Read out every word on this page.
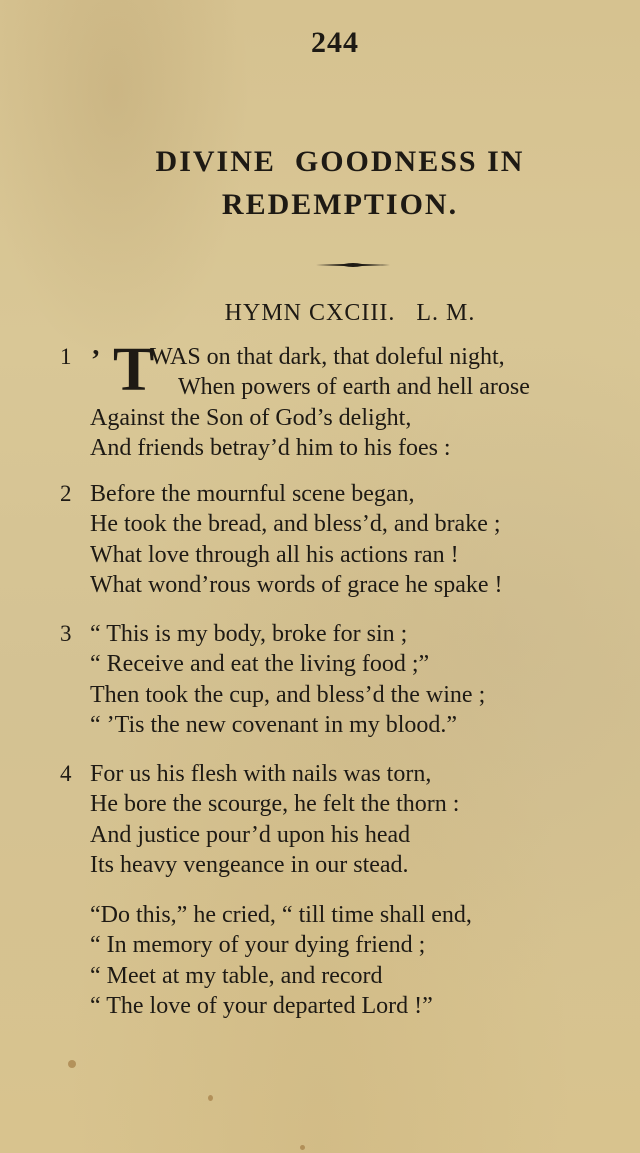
244
DIVINE  GOODNESS IN
REDEMPTION.
HYMN CXCIII.   L. M.
1 ’ T
WAS on that dark, that doleful night,
When powers of earth and hell arose
Against the Son of God’s delight,
And friends betray’d him to his foes :
2 Before the mournful scene began,
He took the bread, and bless’d, and brake ;
What love through all his actions ran !
What wond’rous words of grace he spake !
3 “ This is my body, broke for sin ;
“ Receive and eat the living food ;”
Then took the cup, and bless’d the wine ;
“ ’Tis the new covenant in my blood.”
4 For us his flesh with nails was torn,
He bore the scourge, he felt the thorn :
And justice pour’d upon his head
Its heavy vengeance in our stead.
“Do this,” he cried, “ till time shall end,
“ In memory of your dying friend ;
“ Meet at my table, and record
“ The love of your departed Lord !”
